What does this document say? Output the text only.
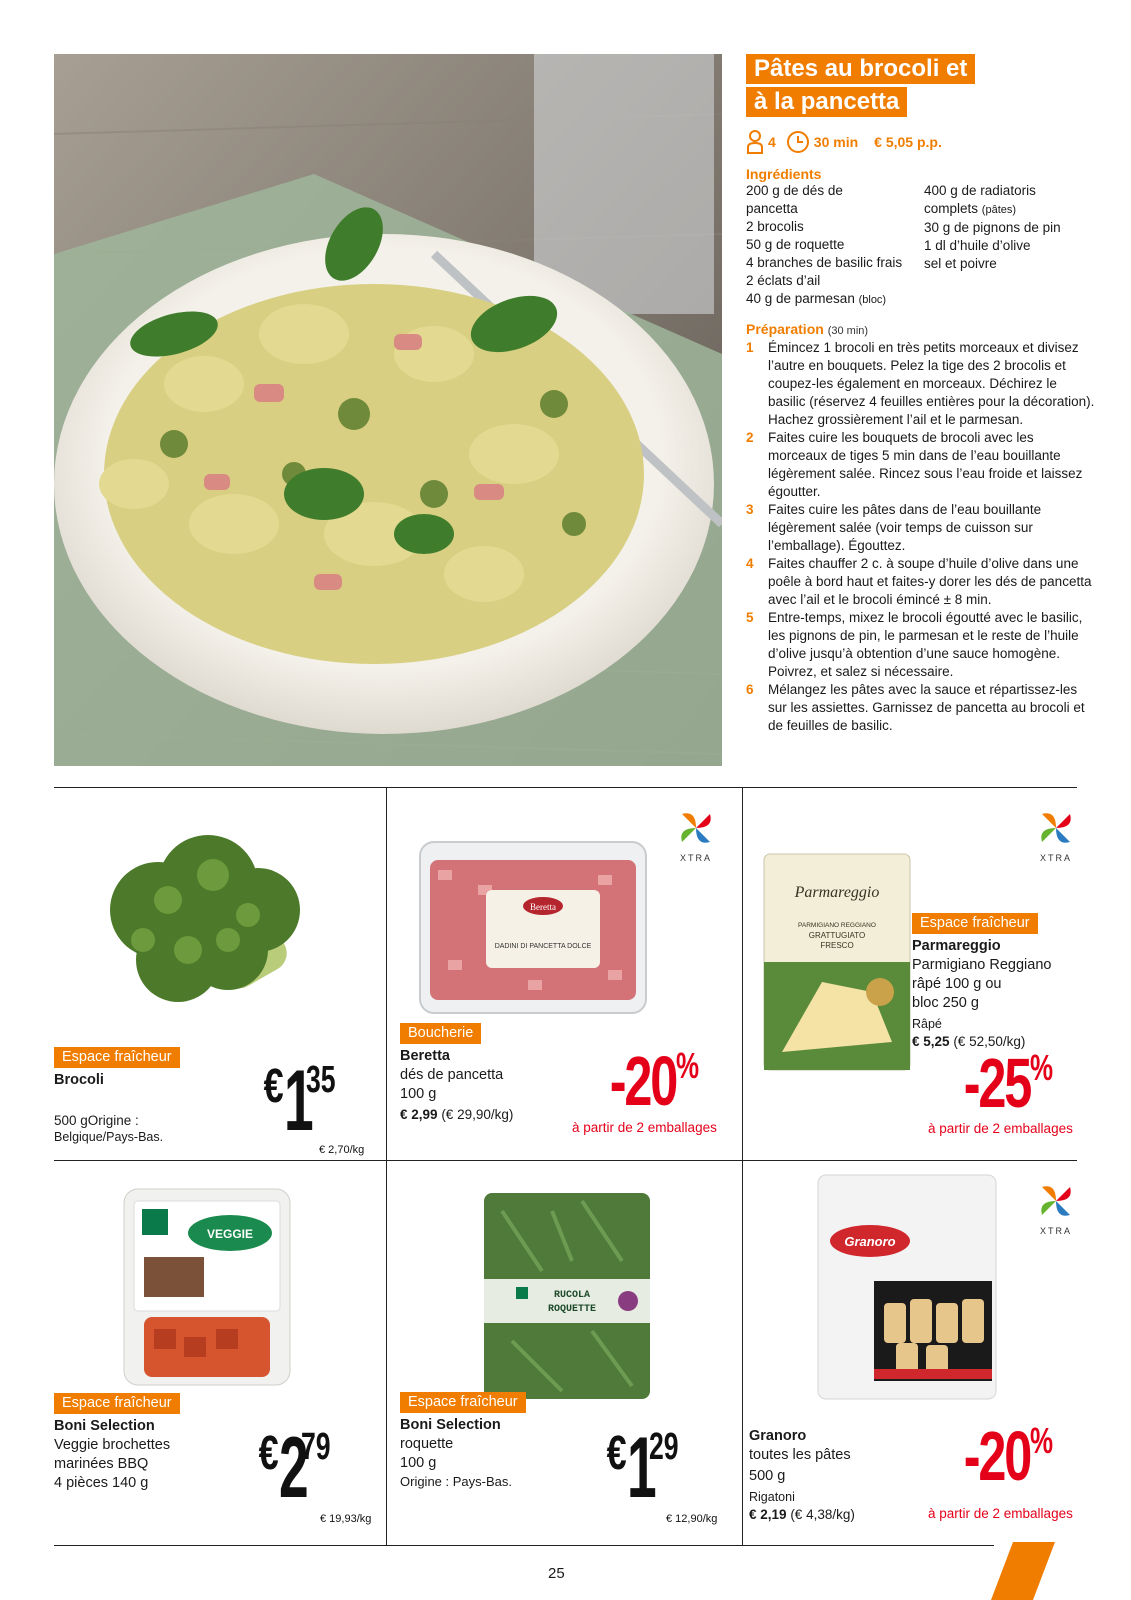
Pâtes au brocoli et
à la pancetta
4	30 min € 5,05 p.p.
Ingrédients
200 g de dés de
pancetta
2 brocolis
50 g de roquette
4 branches de basilic frais
2 éclats d’ail
40 g de parmesan (bloc)
400 g de radiatoris
complets (pâtes)
30 g de pignons de pin
1 dl d’huile d’olive
sel et poivre
Préparation (30 min)
1	Émincez 1 brocoli en très petits morceaux et divisez l’autre en bouquets. Pelez la tige des 2 brocolis et coupez-les également en morceaux. Déchirez le basilic (réservez 4 feuilles entières pour la décoration). Hachez grossièrement l’ail et le parmesan.
2	Faites cuire les bouquets de brocoli avec les morceaux de tiges 5 min dans de l’eau bouillante légèrement salée. Rincez sous l’eau froide et laissez égoutter.
3	Faites cuire les pâtes dans de l’eau bouillante légèrement salée (voir temps de cuisson sur l’emballage). Égouttez.
4	Faites chauffer 2 c. à soupe d’huile d’olive dans une poêle à bord haut et faites-y dorer les dés de pancetta avec l’ail et le brocoli émincé ± 8 min.
5	Entre-temps, mixez le brocoli égoutté avec le basilic, les pignons de pin, le parmesan et le reste de l’huile d’olive jusqu’à obtention d’une sauce homogène. Poivrez, et salez si nécessaire.
6	Mélangez les pâtes avec la sauce et répartissez-les sur les assiettes. Garnissez de pancetta au brocoli et de feuilles de basilic.
Espace fraîcheur
Brocoli
500 gOrigine :
Belgique/Pays-Bas.
€ 1
35
€ 2,70/kg
XTRA
Beretta
DADINI DI PANCETTA DOLCE
Boucherie
Beretta
dés de pancetta
100 g
€ 2,99 (€ 29,90/kg) -20 %
à partir de 2 emballages
XTRA
Parmareggio
PARMIGIANO REGGIANO
GRATTUGIATO
FRESCO
Espace fraîcheur
Parmareggio
Parmigiano Reggiano
râpé 100 g ou
bloc 250 g
Râpé
€ 5,25 (€ 52,50/kg)
-25 %
à partir de 2 emballages
VEGGIE
Espace fraîcheur
Boni Selection
Veggie brochettes
marinées BBQ
4 pièces 140 g
€ 2
79
€ 19,93/kg
RUCOLA
ROQUETTE
Espace fraîcheur
Boni Selection
roquette
100 g
Origine : Pays-Bas.
€ 1
29
€ 12,90/kg
XTRA
Granoro
Granoro
toutes les pâtes
500 g
Rigatoni
€ 2,19 (€ 4,38/kg)
-20 %
à partir de 2 emballages
25
